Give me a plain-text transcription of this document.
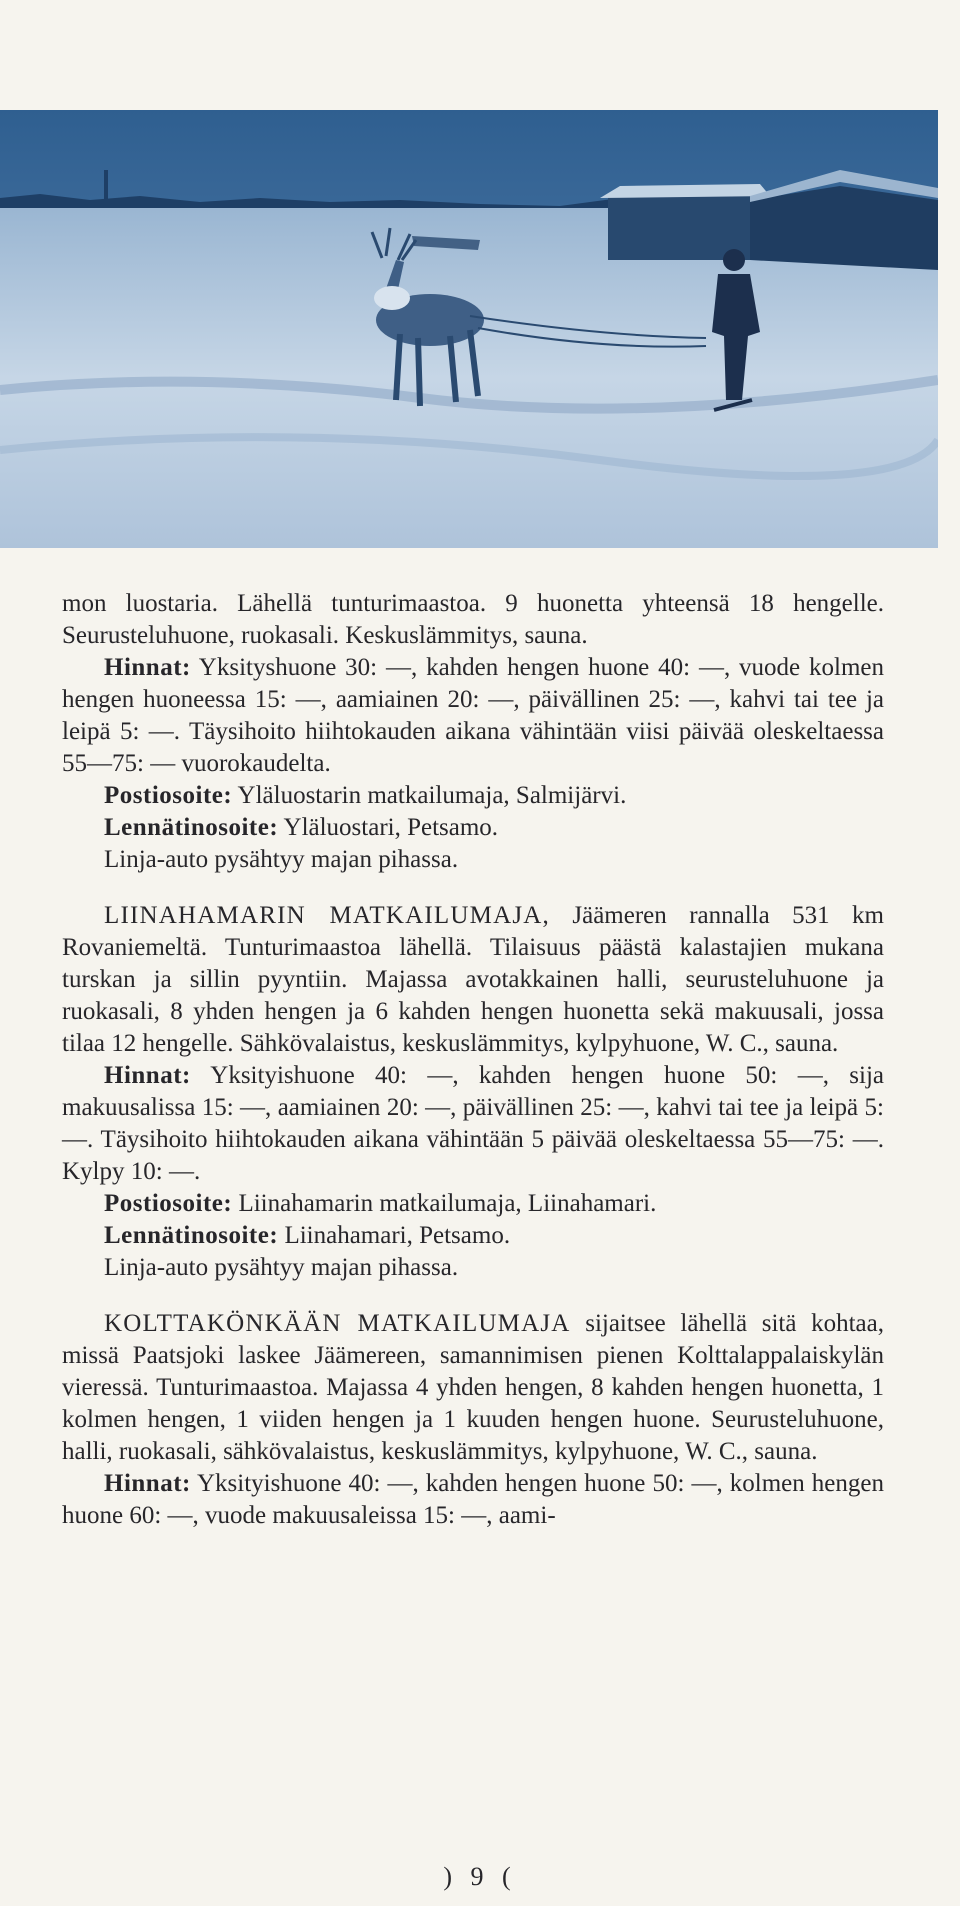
mon luostaria. Lähellä tunturimaastoa. 9 huonetta yhteensä 18 hengelle. Seurusteluhuone, ruokasali. Keskuslämmitys, sauna.

Hinnat: Yksityshuone 30: —, kahden hengen huone 40: —, vuode kolmen hengen huoneessa 15: —, aamiainen 20: —, päivällinen 25: —, kahvi tai tee ja leipä 5: —. Täysihoito hiihtokauden aikana vähintään viisi päivää oleskeltaessa 55—75: — vuorokaudelta.

Postiosoite: Yläluostarin matkailumaja, Salmijärvi.

Lennätinosoite: Yläluostari, Petsamo.

Linja-auto pysähtyy majan pihassa.

LIINAHAMARIN MATKAILUMAJA, Jäämeren rannalla 531 km Rovaniemeltä. Tunturimaastoa lähellä. Tilaisuus päästä kalastajien mukana turskan ja sillin pyyntiin. Majassa avotakkainen halli, seurusteluhuone ja ruokasali, 8 yhden hengen ja 6 kahden hengen huonetta sekä makuusali, jossa tilaa 12 hengelle. Sähkövalaistus, keskuslämmitys, kylpyhuone, W. C., sauna.

Hinnat: Yksityishuone 40: —, kahden hengen huone 50: —, sija makuusalissa 15: —, aamiainen 20: —, päivällinen 25: —, kahvi tai tee ja leipä 5: —. Täysihoito hiihtokauden aikana vähintään 5 päivää oleskeltaessa 55—75: —. Kylpy 10: —.

Postiosoite: Liinahamarin matkailumaja, Liinahamari.

Lennätinosoite: Liinahamari, Petsamo.

Linja-auto pysähtyy majan pihassa.

KOLTTAKÖNKÄÄN MATKAILUMAJA sijaitsee lähellä sitä kohtaa, missä Paatsjoki laskee Jäämereen, samannimisen pienen Kolttalappalaiskylän vieressä. Tunturimaastoa. Majassa 4 yhden hengen, 8 kahden hengen huonetta, 1 kolmen hengen, 1 viiden hengen ja 1 kuuden hengen huone. Seurusteluhuone, halli, ruokasali, sähkövalaistus, keskuslämmitys, kylpyhuone, W. C., sauna.

Hinnat: Yksityishuone 40: —, kahden hengen huone 50: —, kolmen hengen huone 60: —, vuode makuusaleissa 15: —, aami-

) 9 (
